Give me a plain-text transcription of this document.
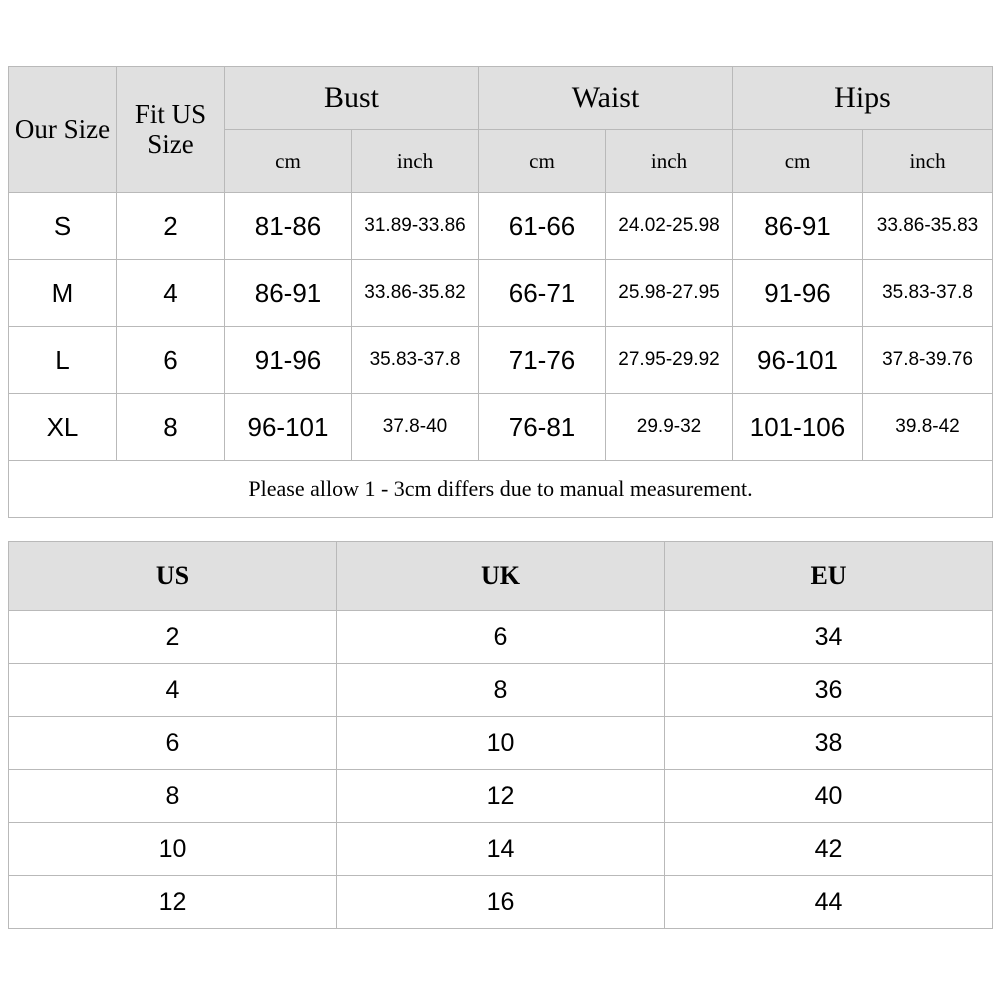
Our Size	Fit US Size	Bust		Waist		Hips	
		cm	inch	cm	inch	cm	inch
S	2	81-86	31.89-33.86	61-66	24.02-25.98	86-91	33.86-35.83
M	4	86-91	33.86-35.82	66-71	25.98-27.95	91-96	35.83-37.8
L	6	91-96	35.83-37.8	71-76	27.95-29.92	96-101	37.8-39.76
XL	8	96-101	37.8-40	76-81	29.9-32	101-106	39.8-42
Please allow 1 - 3cm differs due to manual measurement.							
US	UK	EU
2	6	34
4	8	36
6	10	38
8	12	40
10	14	42
12	16	44
